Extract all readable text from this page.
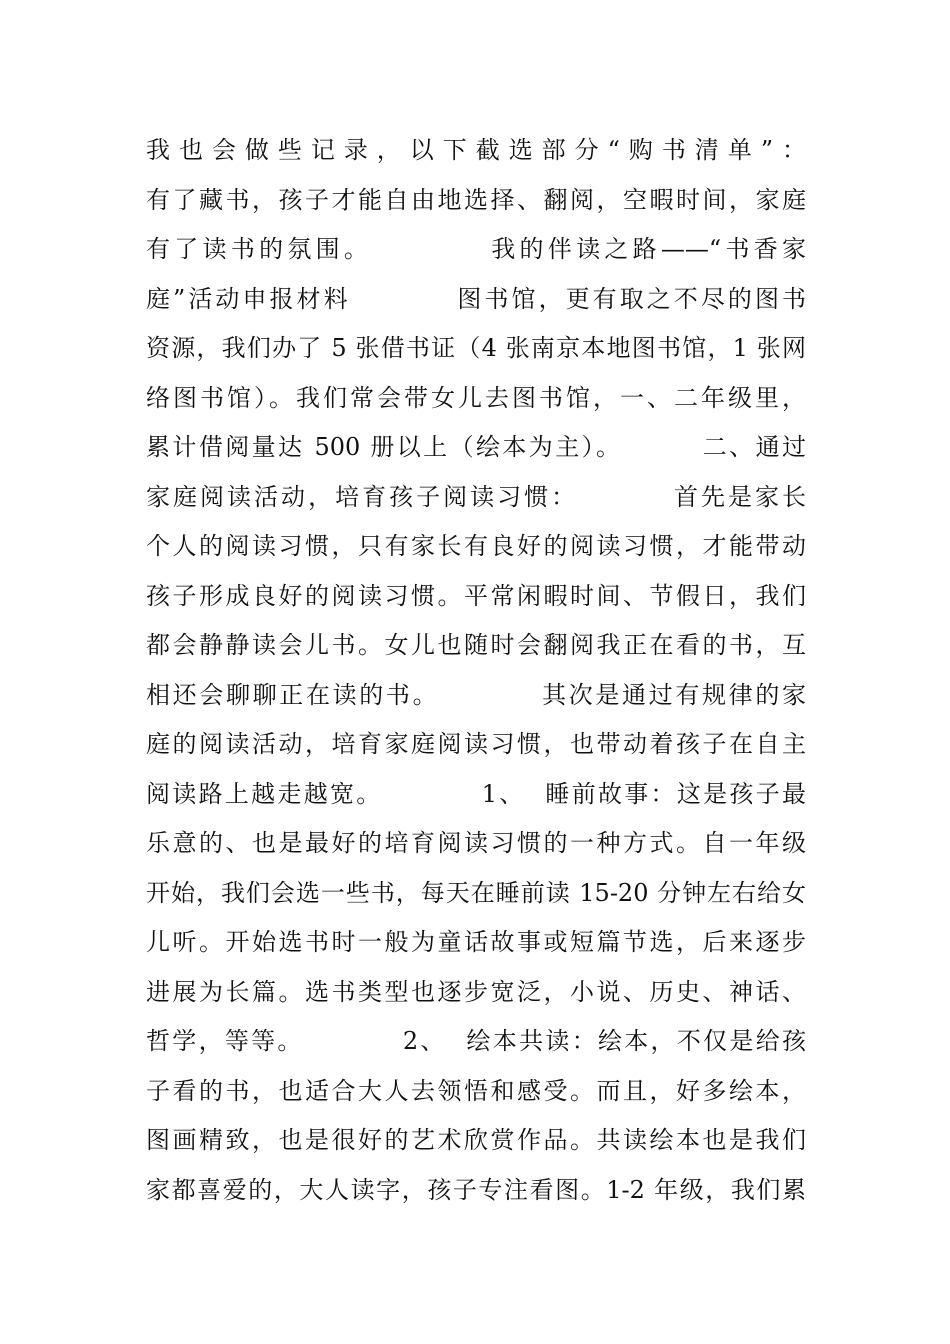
我也会做些记录，以下截选部分“购书清单”：
有了藏书，孩子才能自由地选择、翻阅，空暇时间，家庭
有了读书的氛围。          我的伴读之路——“书香家
庭”活动申报材料          图书馆，更有取之不尽的图书
资源，我们办了 5 张借书证（4 张南京本地图书馆，1 张网
络图书馆）。我们常会带女儿去图书馆，一、二年级里，
累计借阅量达 500 册以上（绘本为主）。        二、通过
家庭阅读活动，培育孩子阅读习惯：         首先是家长
个人的阅读习惯，只有家长有良好的阅读习惯，才能带动
孩子形成良好的阅读习惯。平常闲暇时间、节假日，我们
都会静静读会儿书。女儿也随时会翻阅我正在看的书，互
相还会聊聊正在读的书。          其次是通过有规律的家
庭的阅读活动，培育家庭阅读习惯，也带动着孩子在自主
阅读路上越走越宽。          1、  睡前故事：这是孩子最
乐意的、也是最好的培育阅读习惯的一种方式。自一年级
开始，我们会选一些书，每天在睡前读 15-20 分钟左右给女
儿听。开始选书时一般为童话故事或短篇节选，后来逐步
进展为长篇。选书类型也逐步宽泛，小说、历史、神话、
哲学，等等。          2、  绘本共读：绘本，不仅是给孩
子看的书，也适合大人去领悟和感受。而且，好多绘本，
图画精致，也是很好的艺术欣赏作品。共读绘本也是我们
家都喜爱的，大人读字，孩子专注看图。1-2 年级，我们累
